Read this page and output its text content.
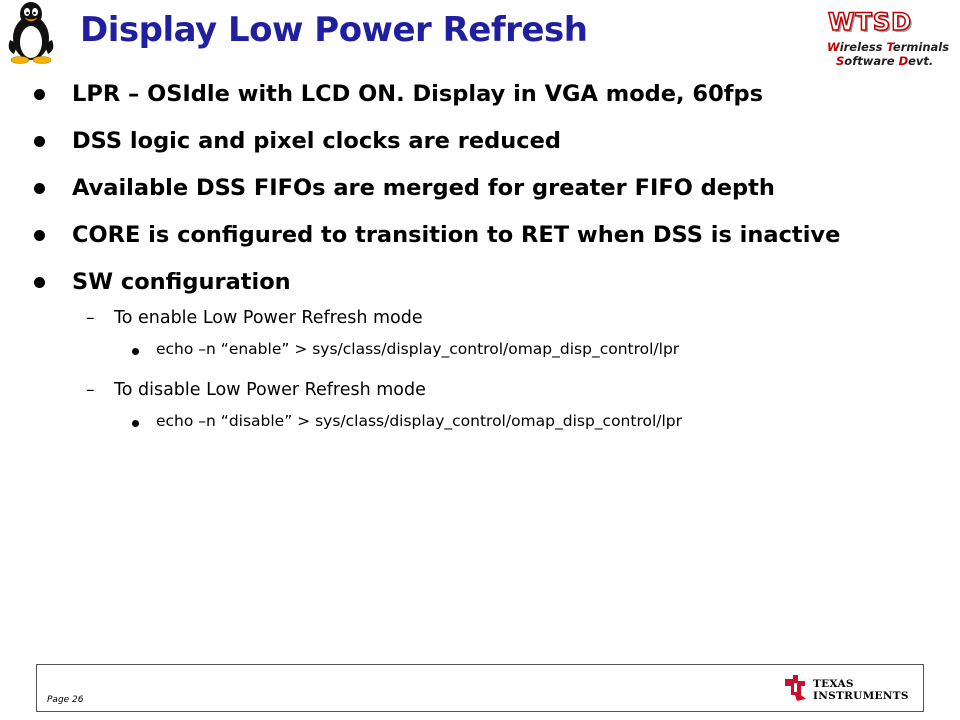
Display Low Power Refresh	WTSD
Wireless Terminals
Software Devt.
LPR – OSIdle with LCD ON. Display in VGA mode, 60fps
DSS logic and pixel clocks are reduced
Available DSS FIFOs are merged for greater FIFO depth
CORE is configured to transition to RET when DSS is inactive
SW configuration
– To enable Low Power Refresh mode
echo –n “enable” > sys/class/display_control/omap_disp_control/lpr
– To disable Low Power Refresh mode
echo –n “disable” > sys/class/display_control/omap_disp_control/lpr
Page 26
TEXAS
INSTRUMENTS
